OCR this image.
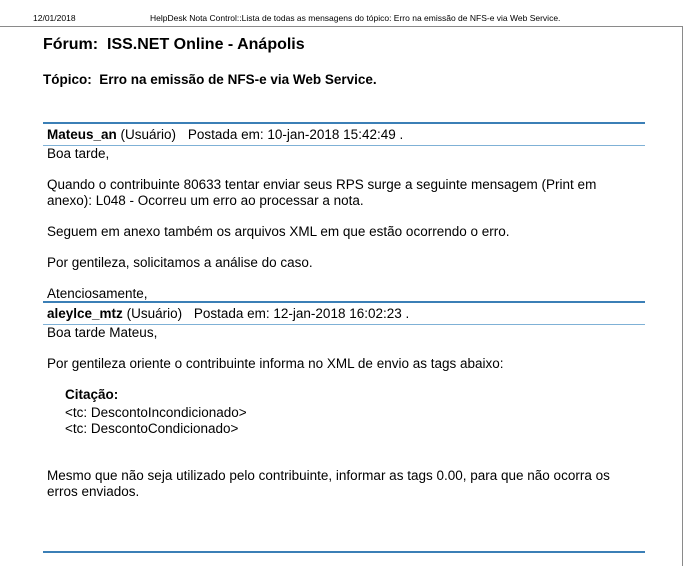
12/01/2018	HelpDesk Nota Control::Lista de todas as mensagens do tópico: Erro na emissão de NFS-e via Web Service.
Fórum: ISS.NET Online - Anápolis
Tópico: Erro na emissão de NFS-e via Web Service.
Mateus_an (Usuário) Postada em: 10-jan-2018 15:42:49 .

Boa tarde,

Quando o contribuinte 80633 tentar enviar seus RPS surge a seguinte mensagem (Print em anexo): L048 - Ocorreu um erro ao processar a nota.

Seguem em anexo também os arquivos XML em que estão ocorrendo o erro.

Por gentileza, solicitamos a análise do caso.

Atenciosamente,

aleylce_mtz (Usuário) Postada em: 12-jan-2018 16:02:23 .

Boa tarde Mateus,

Por gentileza oriente o contribuinte informa no XML de envio as tags abaixo:

Citação:

<tc: DescontoIncondicionado>

<tc: DescontoCondicionado>

Mesmo que não seja utilizado pelo contribuinte, informar as tags 0.00, para que não ocorra os erros enviados.
